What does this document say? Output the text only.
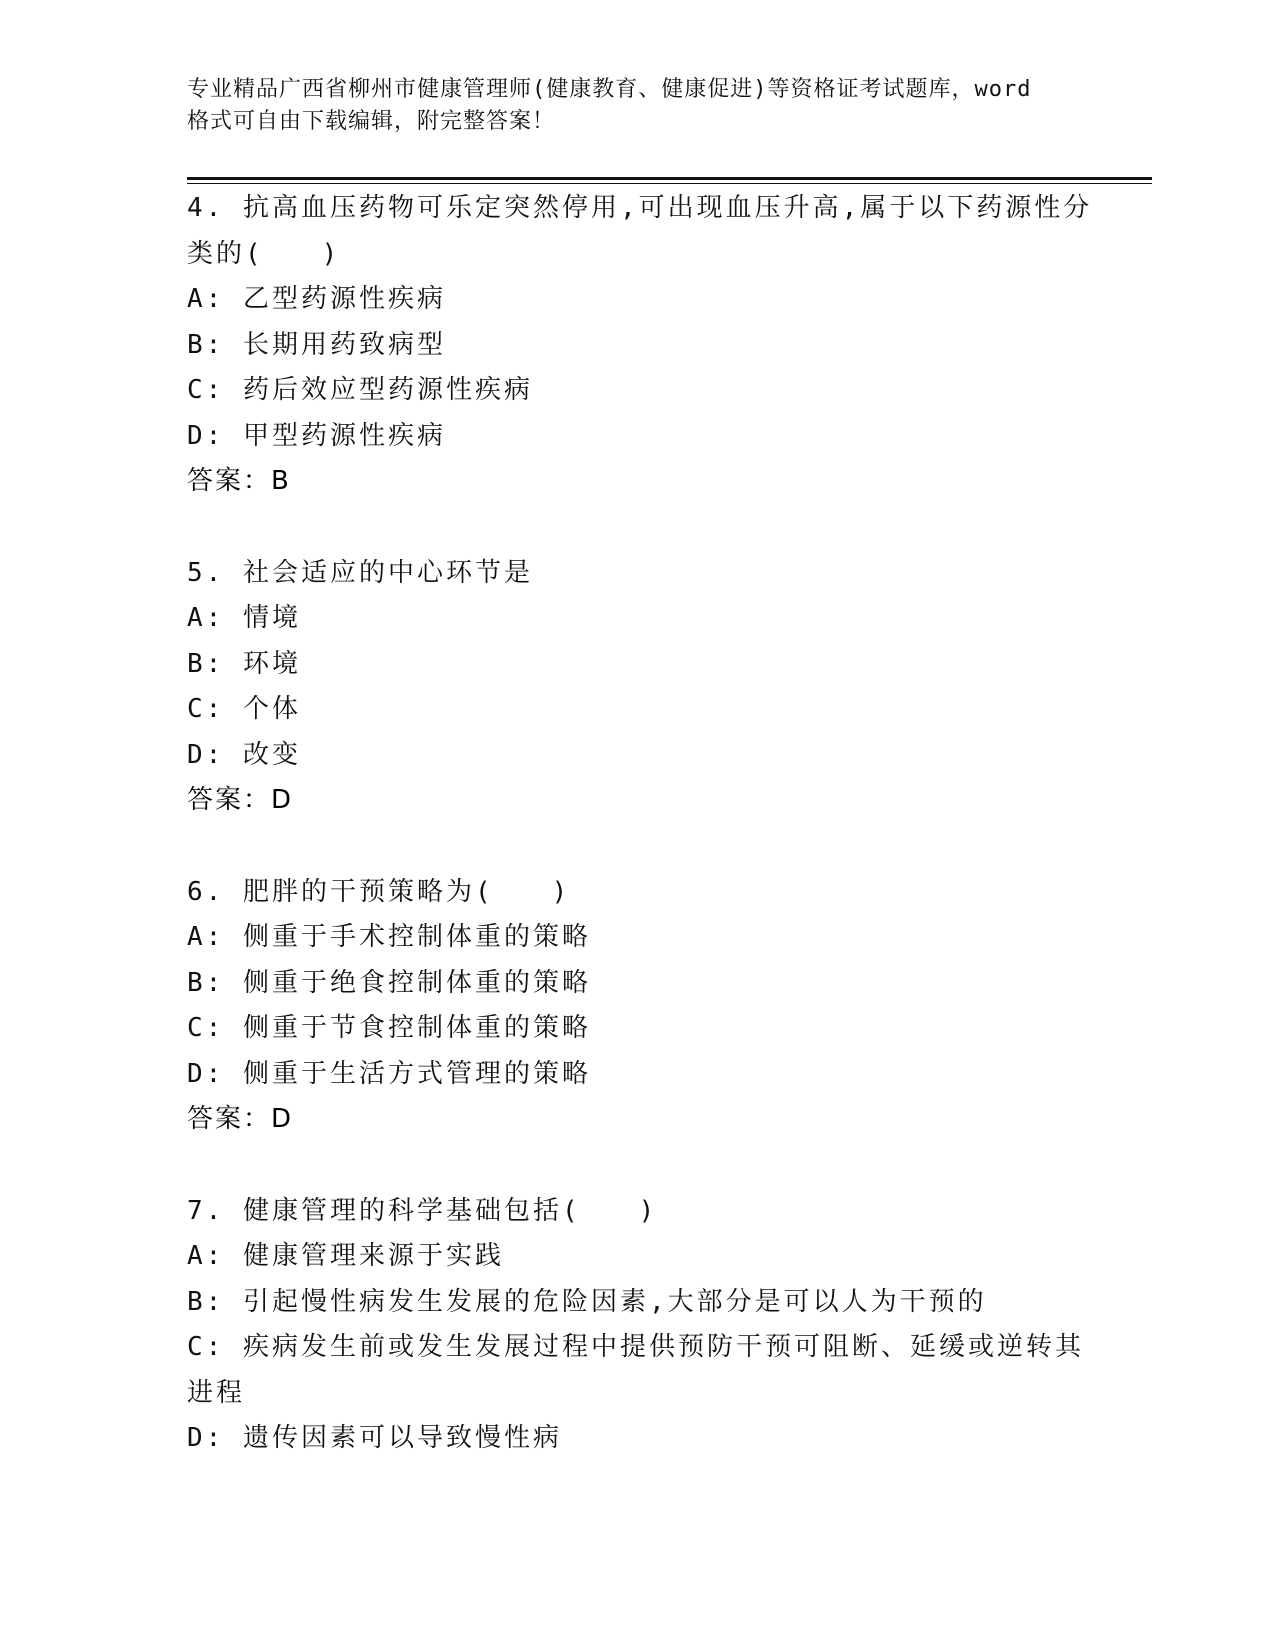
专业精品广西省柳州市健康管理师(健康教育、健康促进)等资格证考试题库，word
格式可自由下载编辑，附完整答案！
4. 抗高血压药物可乐定突然停用,可出现血压升高,属于以下药源性分
类的(　　)
A: 乙型药源性疾病
B: 长期用药致病型
C: 药后效应型药源性疾病
D: 甲型药源性疾病
答案：B
5. 社会适应的中心环节是
A: 情境
B: 环境
C: 个体
D: 改变
答案：D
6. 肥胖的干预策略为(　　)
A: 侧重于手术控制体重的策略
B: 侧重于绝食控制体重的策略
C: 侧重于节食控制体重的策略
D: 侧重于生活方式管理的策略
答案：D
7. 健康管理的科学基础包括(　　)
A: 健康管理来源于实践
B: 引起慢性病发生发展的危险因素,大部分是可以人为干预的
C: 疾病发生前或发生发展过程中提供预防干预可阻断、延缓或逆转其
进程
D: 遗传因素可以导致慢性病
